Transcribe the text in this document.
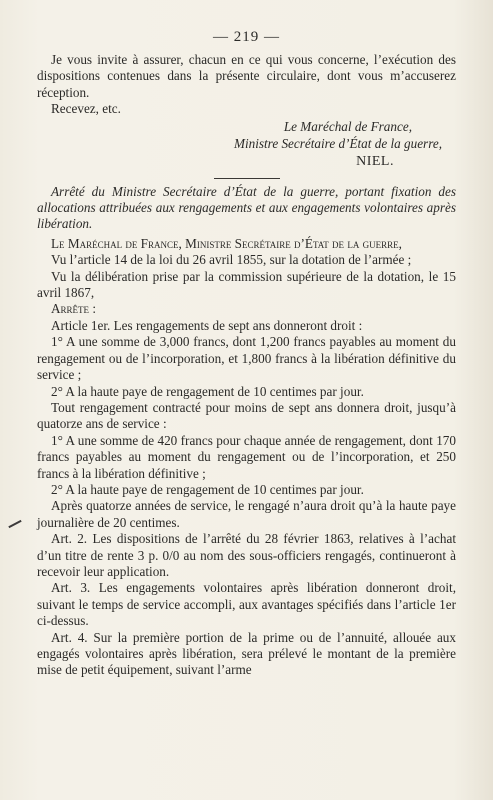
— 219 —

Je vous invite à assurer, chacun en ce qui vous concerne, l’exécution des dispositions contenues dans la présente circulaire, dont vous m’accuserez réception.

Recevez, etc.

Le Maréchal de France,
Ministre Secrétaire d’État de la guerre,
NIEL.

Arrêté du Ministre Secrétaire d’État de la guerre, portant fixation des allocations attribuées aux rengagements et aux engagements volontaires après libération.

Le Maréchal de France, Ministre Secrétaire d’État de la guerre,

Vu l’article 14 de la loi du 26 avril 1855, sur la dotation de l’armée ;

Vu la délibération prise par la commission supérieure de la dotation, le 15 avril 1867,

Arrête :

Article 1er. Les rengagements de sept ans donneront droit :

1° A une somme de 3,000 francs, dont 1,200 francs payables au moment du rengagement ou de l’incorporation, et 1,800 francs à la libération définitive du service ;

2° A la haute paye de rengagement de 10 centimes par jour.

Tout rengagement contracté pour moins de sept ans donnera droit, jusqu’à quatorze ans de service :

1° A une somme de 420 francs pour chaque année de rengagement, dont 170 francs payables au moment du rengagement ou de l’incorporation, et 250 francs à la libération définitive ;

2° A la haute paye de rengagement de 10 centimes par jour.

Après quatorze années de service, le rengagé n’aura droit qu’à la haute paye journalière de 20 centimes.

Art. 2. Les dispositions de l’arrêté du 28 février 1863, relatives à l’achat d’un titre de rente 3 p. 0/0 au nom des sous-officiers rengagés, continueront à recevoir leur application.

Art. 3. Les engagements volontaires après libération donneront droit, suivant le temps de service accompli, aux avantages spécifiés dans l’article 1er ci-dessus.

Art. 4. Sur la première portion de la prime ou de l’annuité, allouée aux engagés volontaires après libération, sera prélevé le montant de la première mise de petit équipement, suivant l’arme
